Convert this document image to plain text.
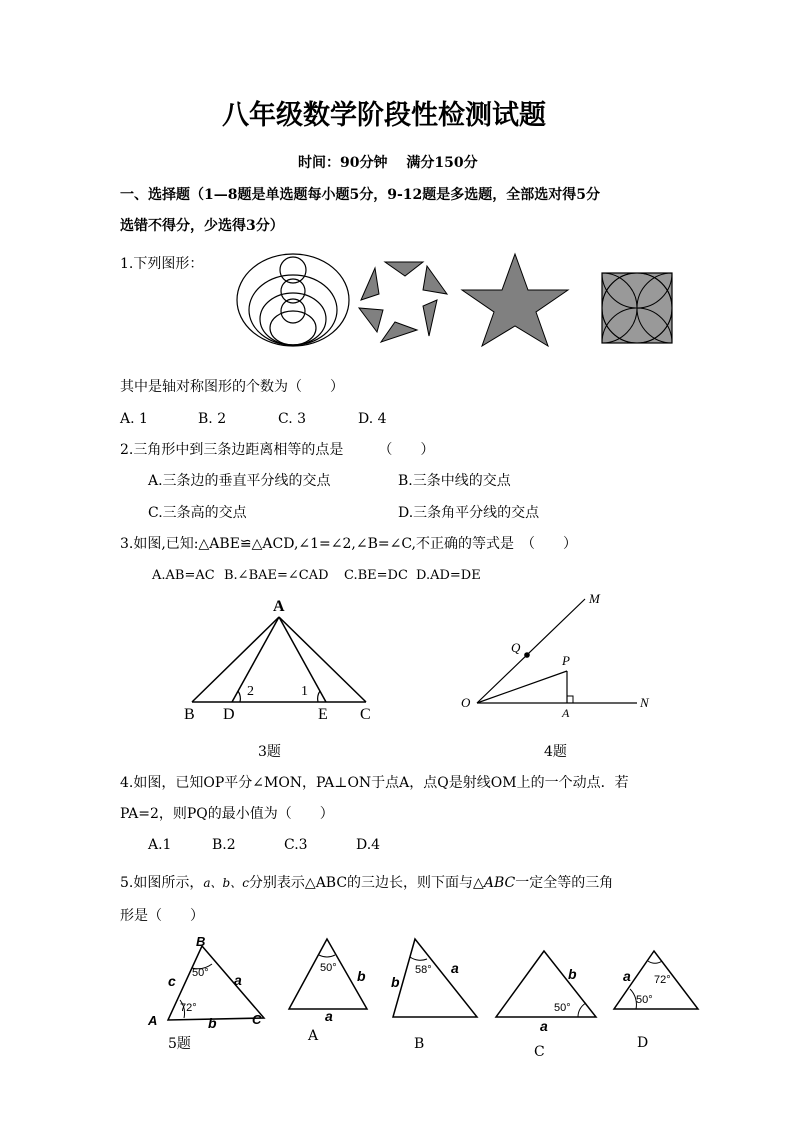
八年级数学阶段性检测试题
时间：90分钟　 满分150分
一、选择题（1—8题是单选题每小题5分，9-12题是多选题，全部选对得5分
选错不得分，少选得3分）
1.下列图形：
其中是轴对称图形的个数为（　　）
A. 1	B. 2	C. 3	D. 4
2.三角形中到三条边距离相等的点是　　　（　　）
A.三条边的垂直平分线的交点	B.三条中线的交点
C.三条高的交点	D.三条角平分线的交点
3.如图,已知:△ABE≌△ACD,∠1=∠2,∠B=∠C,不正确的等式是　（　　）
A.AB=AC B.∠BAE=∠CAD C.BE=DC D.AD=DE
A
B D	E C
2	1
3题
M
Q
P
O
A
N
4题
4.如图，已知OP平分∠MON，PA⊥ON于点A，点Q是射线OM上的一个动点．若
PA=2，则PQ的最小值为（　　）
A.1	B.2	C.3	D.4
5.如图所示，a、b、c分别表示△ABC的三边长，则下面与△ABC一定全等的三角
形是（　　）
B
c	a
50°
72°
A	b	C
5题
50° b
a
A
58°
b
a
B
b
50°
a
C
a 72°
50°
D
